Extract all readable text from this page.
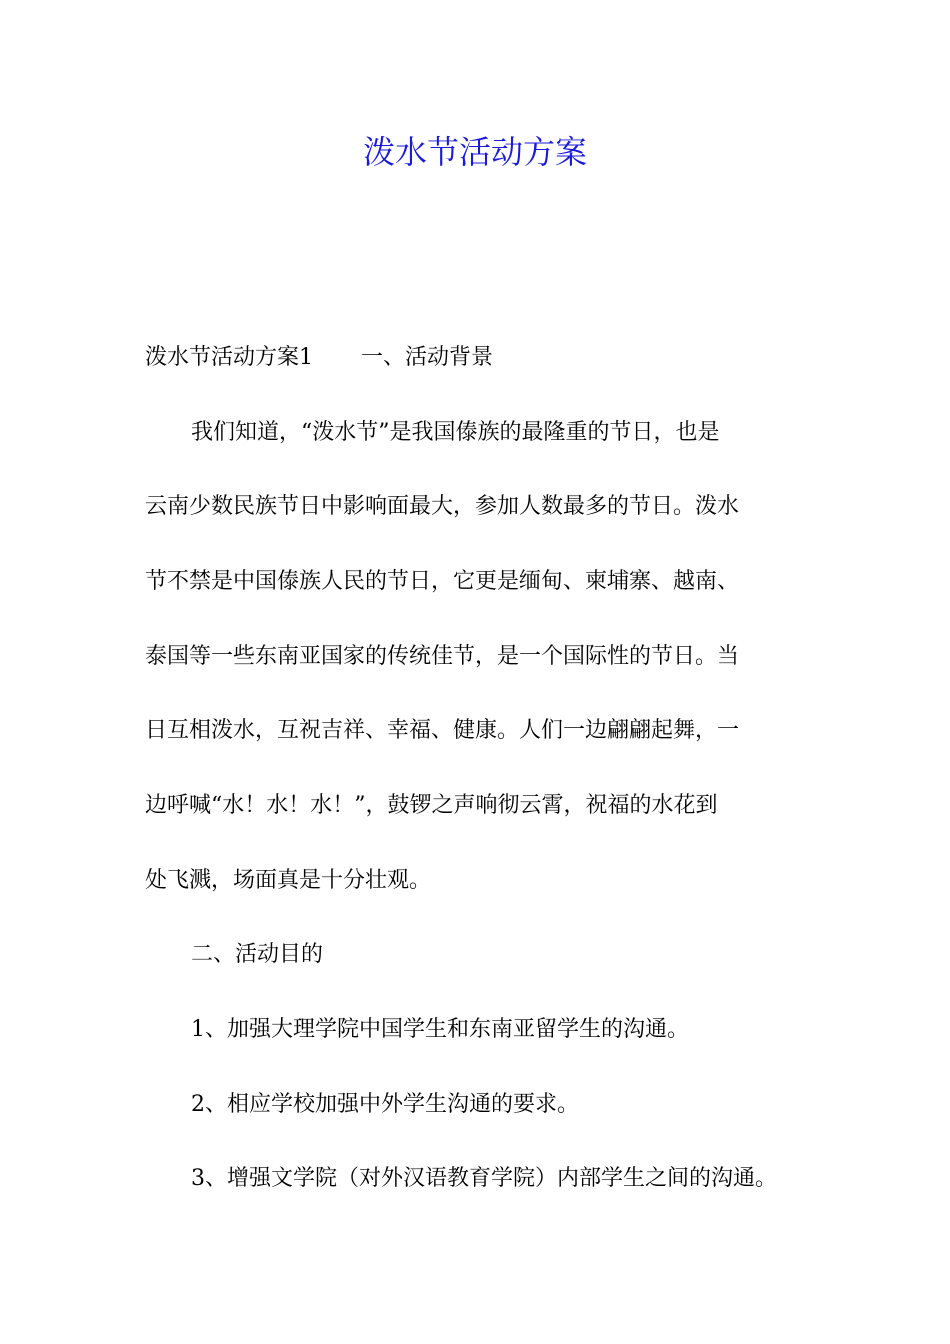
泼水节活动方案

泼水节活动方案1 一、活动背景

我们知道，“泼水节”是我国傣族的最隆重的节日，也是

云南少数民族节日中影响面最大，参加人数最多的节日。泼水

节不禁是中国傣族人民的节日，它更是缅甸、柬埔寨、越南、

泰国等一些东南亚国家的传统佳节，是一个国际性的节日。当

日互相泼水，互祝吉祥、幸福、健康。人们一边翩翩起舞，一

边呼喊“水！水！水！”，鼓锣之声响彻云霄，祝福的水花到

处飞溅，场面真是十分壮观。

二、活动目的

1、加强大理学院中国学生和东南亚留学生的沟通。

2、相应学校加强中外学生沟通的要求。

3、增强文学院（对外汉语教育学院）内部学生之间的沟通。
